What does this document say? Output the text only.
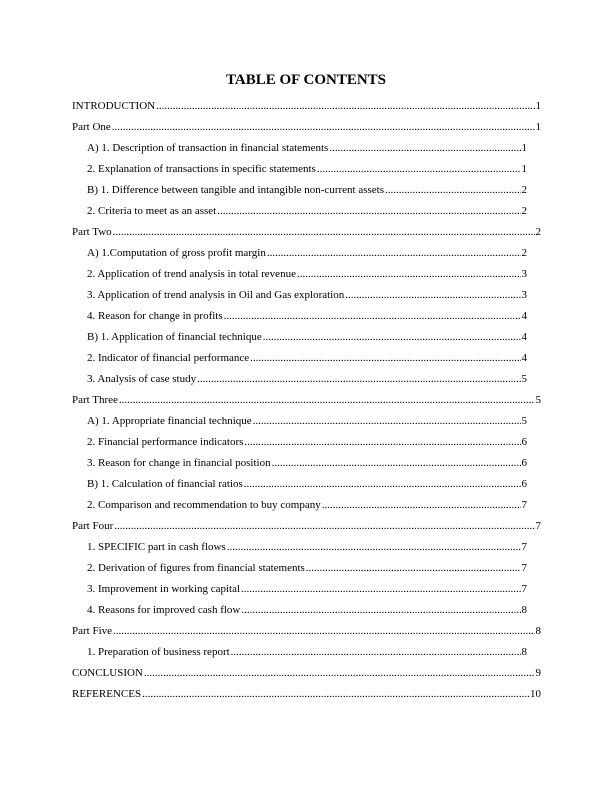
TABLE OF CONTENTS
INTRODUCTION .....	1
Part One .....	1
A) 1. Description of transaction in financial statements .....	1
2. Explanation of transactions in specific statements .....	1
B) 1. Difference between tangible and intangible non-current assets .....	2
2. Criteria to meet as an asset .....	2
Part Two .....	2
A) 1.Computation of gross profit margin .....	2
2. Application of trend analysis in total revenue .....	3
3. Application of trend analysis in Oil and Gas exploration .....	3
4. Reason for change in profits .....	4
B) 1. Application of financial technique .....	4
2. Indicator of financial performance .....	4
3. Analysis of case study .....	5
Part Three .....	5
A) 1. Appropriate financial technique .....	5
2. Financial performance indicators .....	6
3. Reason for change in financial position .....	6
B) 1. Calculation of financial ratios .....	6
2. Comparison and recommendation to buy company .....	7
Part Four .....	7
1. SPECIFIC part in cash flows .....	7
2. Derivation of figures from financial statements .....	7
3. Improvement in working capital .....	7
4. Reasons for improved cash flow .....	8
Part Five .....	8
1. Preparation of business report .....	8
CONCLUSION .....	9
REFERENCES .....	10
